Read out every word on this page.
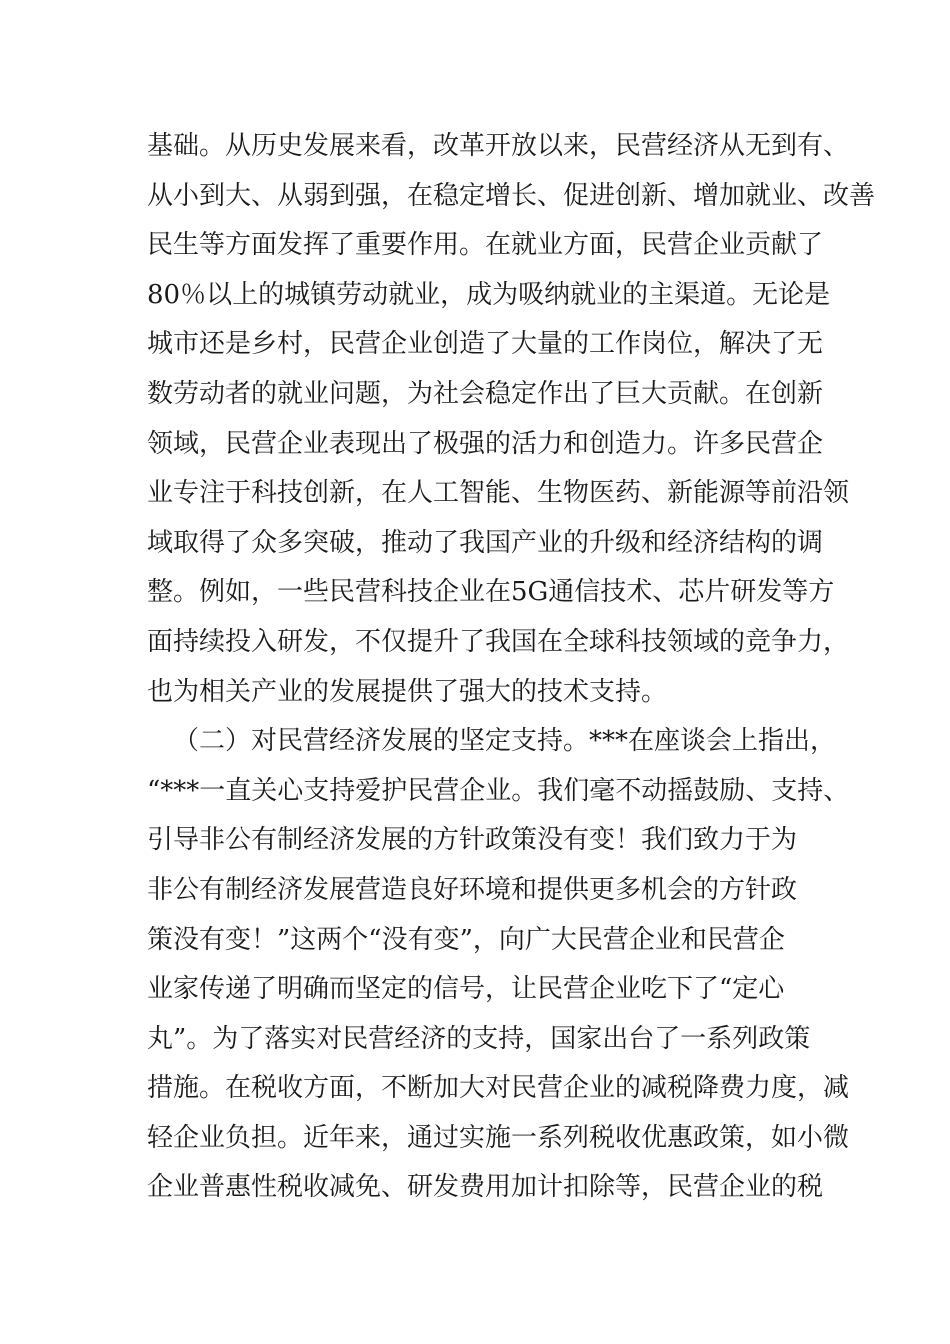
基础。从历史发展来看，改革开放以来，民营经济从无到有、
从小到大、从弱到强，在稳定增长、促进创新、增加就业、改善
民生等方面发挥了重要作用。在就业方面，民营企业贡献了
80％以上的城镇劳动就业，成为吸纳就业的主渠道。无论是
城市还是乡村，民营企业创造了大量的工作岗位，解决了无
数劳动者的就业问题，为社会稳定作出了巨大贡献。在创新
领域，民营企业表现出了极强的活力和创造力。许多民营企
业专注于科技创新，在人工智能、生物医药、新能源等前沿领
域取得了众多突破，推动了我国产业的升级和经济结构的调
整。例如，一些民营科技企业在5G通信技术、芯片研发等方
面持续投入研发，不仅提升了我国在全球科技领域的竞争力，
也为相关产业的发展提供了强大的技术支持。
（二）对民营经济发展的坚定支持。***在座谈会上指出，
“***一直关心支持爱护民营企业。我们毫不动摇鼓励、支持、
引导非公有制经济发展的方针政策没有变！我们致力于为
非公有制经济发展营造良好环境和提供更多机会的方针政
策没有变！”这两个“没有变”，向广大民营企业和民营企
业家传递了明确而坚定的信号，让民营企业吃下了“定心
丸”。为了落实对民营经济的支持，国家出台了一系列政策
措施。在税收方面，不断加大对民营企业的减税降费力度，减
轻企业负担。近年来，通过实施一系列税收优惠政策，如小微
企业普惠性税收减免、研发费用加计扣除等，民营企业的税
